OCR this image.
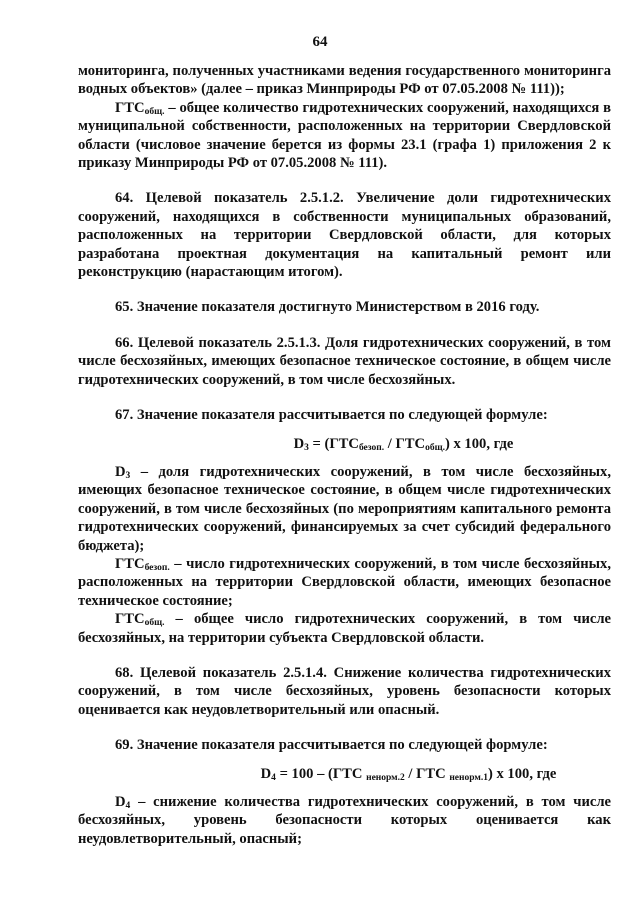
64

мониторинга, полученных участниками ведения государственного мониторинга водных объектов» (далее – приказ Минприроды РФ от 07.05.2008 № 111));

$ГТС_{общ.}$ – общее количество гидротехнических сооружений, находящихся в муниципальной собственности, расположенных на территории Свердловской области (числовое значение берется из формы 23.1 (графа 1) приложения 2 к приказу Минприроды РФ от 07.05.2008 № 111).

64. Целевой показатель 2.5.1.2. Увеличение доли гидротехнических сооружений, находящихся в собственности муниципальных образований, расположенных на территории Свердловской области, для которых разработана проектная документация на капитальный ремонт или реконструкцию (нарастающим итогом).

65. Значение показателя достигнуто Министерством в 2016 году.

66. Целевой показатель 2.5.1.3. Доля гидротехнических сооружений, в том числе бесхозяйных, имеющих безопасное техническое состояние, в общем числе гидротехнических сооружений, в том числе бесхозяйных.

67. Значение показателя рассчитывается по следующей формуле:

$D_3 = (ГТС_{безоп.} / ГТС_{общ.})$ x 100, где

$D_3$ – доля гидротехнических сооружений, в том числе бесхозяйных, имеющих безопасное техническое состояние, в общем числе гидротехнических сооружений, в том числе бесхозяйных (по мероприятиям капитального ремонта гидротехнических сооружений, финансируемых за счет субсидий федерального бюджета);

$ГТС_{безоп.}$ – число гидротехнических сооружений, в том числе бесхозяйных, расположенных на территории Свердловской области, имеющих безопасное техническое состояние;

$ГТС_{общ.}$ – общее число гидротехнических сооружений, в том числе бесхозяйных, на территории субъекта Свердловской области.

68. Целевой показатель 2.5.1.4. Снижение количества гидротехнических сооружений, в том числе бесхозяйных, уровень безопасности которых оценивается как неудовлетворительный или опасный.

69. Значение показателя рассчитывается по следующей формуле:

$D_4 = 100 - (ГТС$ $_{ненорм.2}$ / ГТС $_{ненорм.1}$) x 100, где

$D_4$ – снижение количества гидротехнических сооружений, в том числе бесхозяйных, уровень безопасности которых оценивается как неудовлетворительный, опасный;
